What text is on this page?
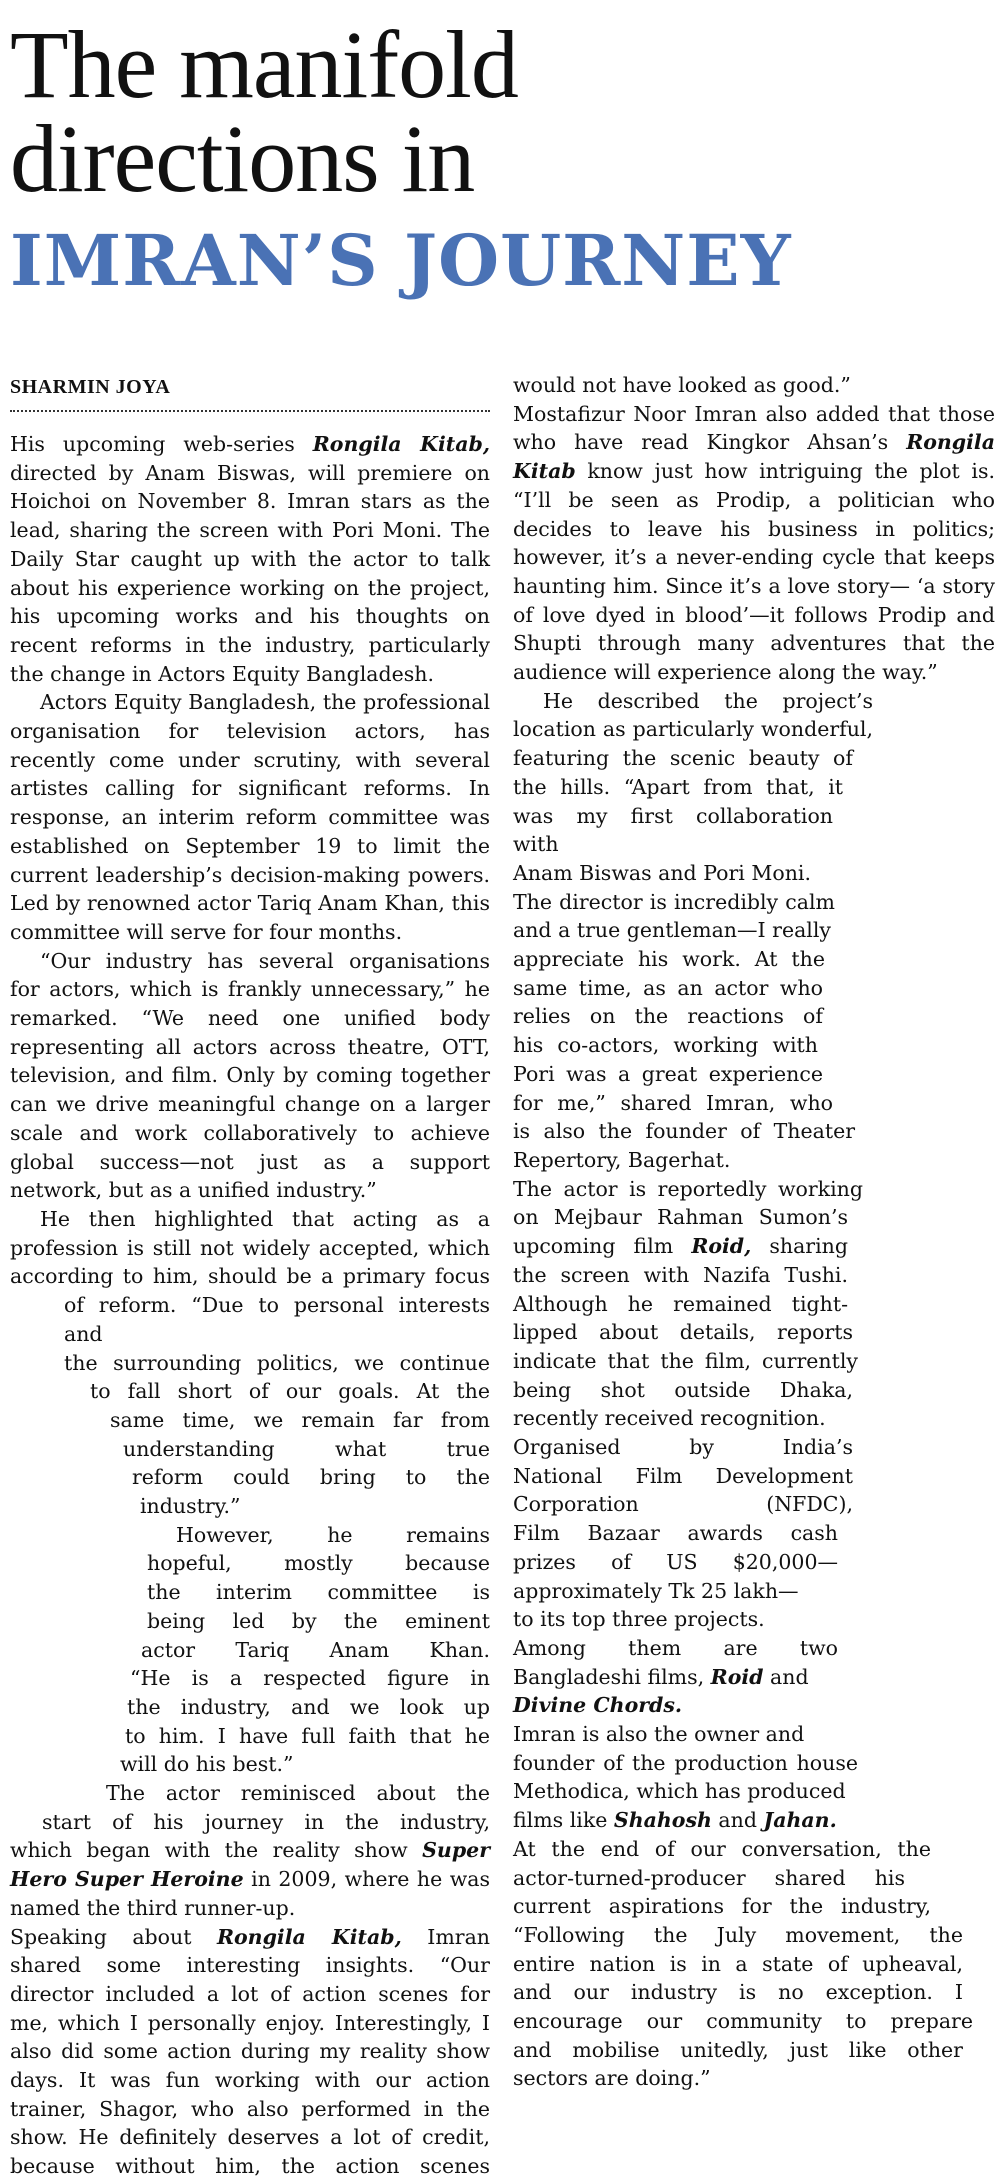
The manifold
directions in
IMRAN’S JOURNEY
SHARMIN JOYA

His upcoming web-series Rongila Kitab, directed by Anam Biswas, will premiere on Hoichoi on November 8. Imran stars as the lead, sharing the screen with Pori Moni. The Daily Star caught up with the actor to talk about his experience working on the project, his upcoming works and his thoughts on recent reforms in the industry, particularly the change in Actors Equity Bangladesh.

Actors Equity Bangladesh, the professional organisation for television actors, has recently come under scrutiny, with several artistes calling for significant reforms. In response, an interim reform committee was established on September 19 to limit the current leadership’s decision-making powers. Led by renowned actor Tariq Anam Khan, this committee will serve for four months.

“Our industry has several organisations for actors, which is frankly unnecessary,” he remarked. “We need one unified body representing all actors across theatre, OTT, television, and film. Only by coming together can we drive meaningful change on a larger scale and work collaboratively to achieve global success—not just as a support network, but as a unified industry.”

He then highlighted that acting as a
profession is still not widely accepted, which
according to him, should be a primary focus
of reform. “Due to personal interests and
the surrounding politics, we continue
to fall short of our goals. At the
same time, we remain far from
understanding what true
reform could bring to the
industry.”
However, he remains
hopeful, mostly because
the interim committee is
being led by the eminent
actor Tariq Anam Khan.
“He is a respected figure in
the industry, and we look up
to him. I have full faith that he
will do his best.”
The actor reminisced about the
start of his journey in the industry,

which began with the reality show Super Hero Super Heroine in 2009, where he was named the third runner-up.

Speaking about Rongila Kitab, Imran shared some interesting insights. “Our director included a lot of action scenes for me, which I personally enjoy. Interestingly, I also did some action during my reality show days. It was fun working with our action trainer, Shagor, who also performed in the show. He definitely deserves a lot of credit, because without him, the action scenes

would not have looked as good.”

Mostafizur Noor Imran also added that those who have read Kingkor Ahsan’s Rongila Kitab know just how intriguing the plot is. “I’ll be seen as Prodip, a politician who decides to leave his business in politics; however, it’s a never-ending cycle that keeps haunting him. Since it’s a love story— ‘a story of love dyed in blood’—it follows Prodip and Shupti through many adventures that the audience will experience along the way.”

He described the project’s
location as particularly wonderful,
featuring the scenic beauty of
the hills. “Apart from that, it
was my first collaboration with
Anam Biswas and Pori Moni.
The director is incredibly calm
and a true gentleman—I really
appreciate his work. At the
same time, as an actor who
relies on the reactions of
his co-actors, working with
Pori was a great experience
for me,” shared Imran, who
is also the founder of Theater
Repertory, Bagerhat.
The actor is reportedly working
on Mejbaur Rahman Sumon’s
upcoming film Roid, sharing
the screen with Nazifa Tushi.
Although he remained tight-
lipped about details, reports
indicate that the film, currently
being shot outside Dhaka,
recently received recognition.
Organised by India’s
National Film Development
Corporation (NFDC),
Film Bazaar awards cash
prizes of US $20,000—
approximately Tk 25 lakh—
to its top three projects.
Among them are two
Bangladeshi films, Roid and
Divine Chords.
Imran is also the owner and
founder of the production house
Methodica, which has produced
films like Shahosh and Jahan.
At the end of our conversation, the
actor-turned-producer shared his
current aspirations for the industry,
“Following the July movement, the
entire nation is in a state of upheaval,
and our industry is no exception. I
encourage our community to prepare
and mobilise unitedly, just like other
sectors are doing.”
